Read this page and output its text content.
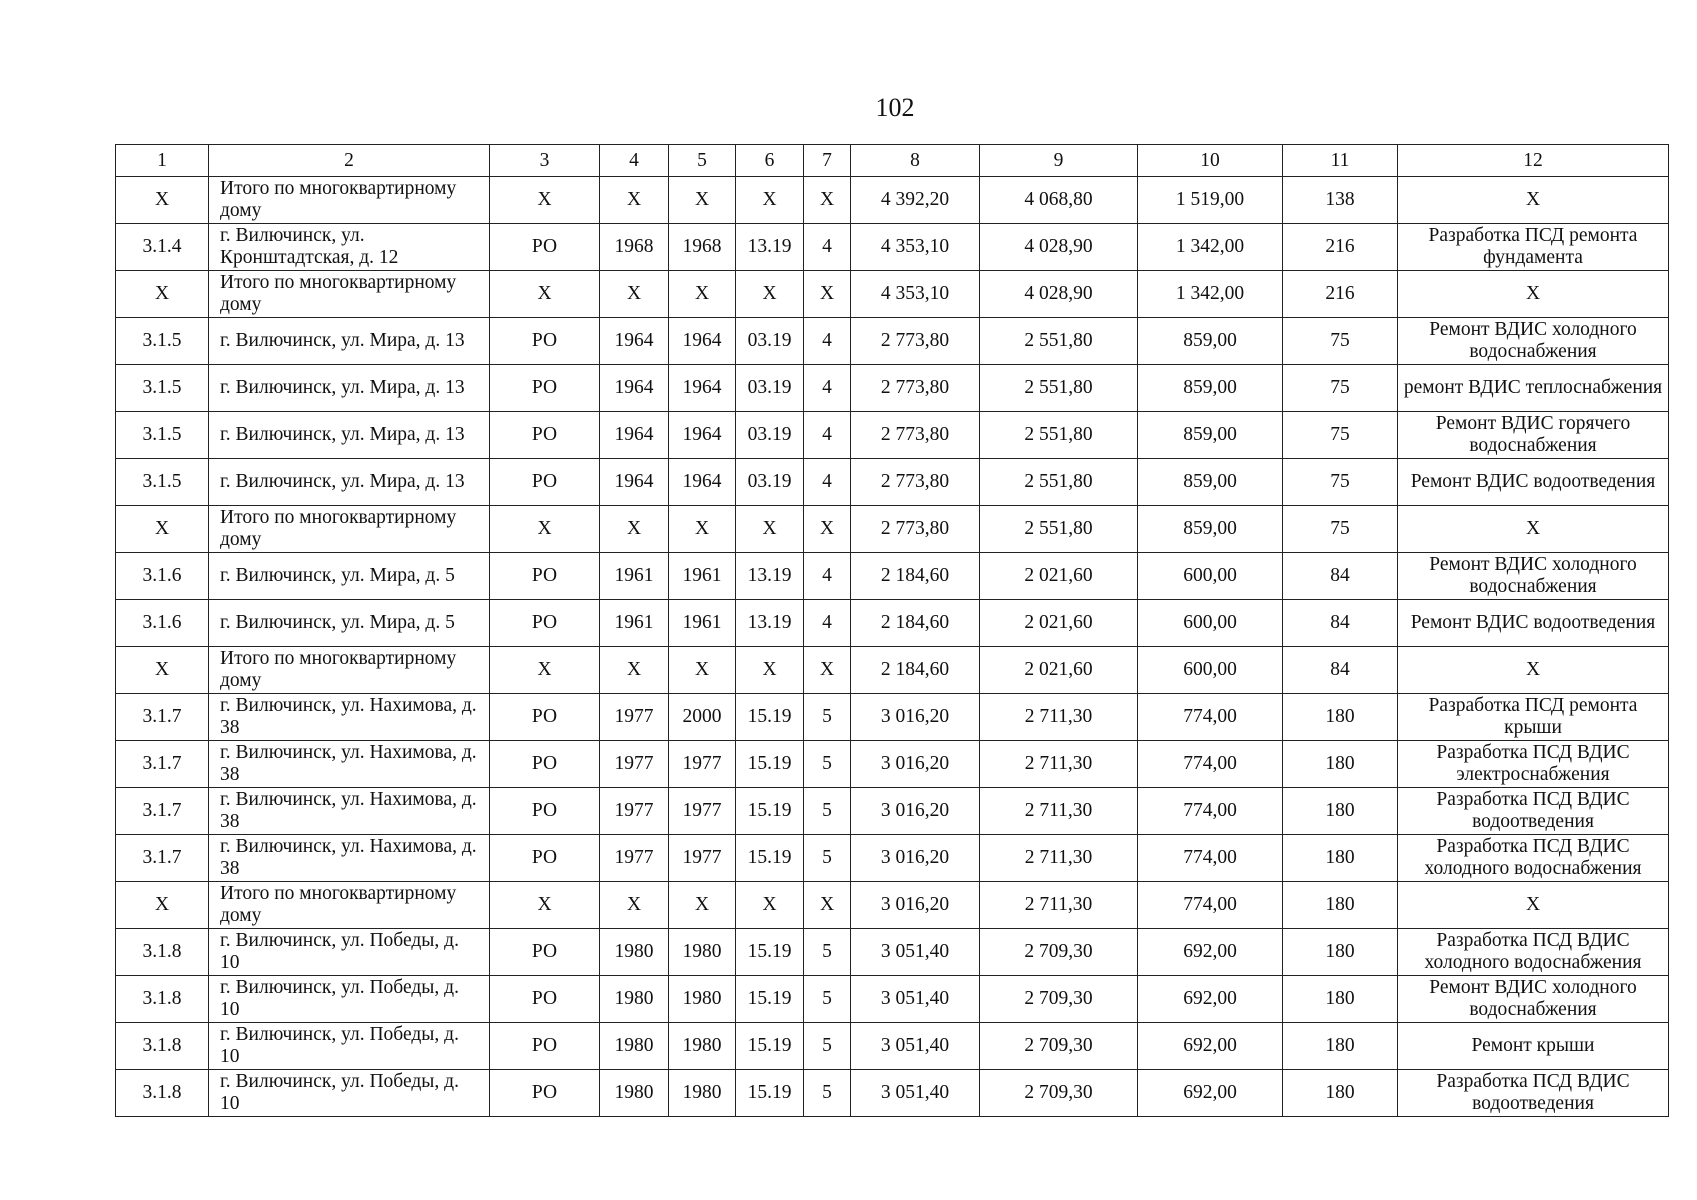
102
1	2	3	4	5	6	7	8	9	10	11	12
Х	Итого по многоквартирному дому	Х	Х	Х	Х	Х	4 392,20	4 068,80	1 519,00	138	Х
3.1.4	г. Вилючинск, ул. Кронштадтская, д. 12	РО	1968	1968	13.19	4	4 353,10	4 028,90	1 342,00	216	Разработка ПСД ремонта фундамента
Х	Итого по многоквартирному дому	Х	Х	Х	Х	Х	4 353,10	4 028,90	1 342,00	216	Х
3.1.5	г. Вилючинск, ул. Мира, д. 13	РО	1964	1964	03.19	4	2 773,80	2 551,80	859,00	75	Ремонт ВДИС холодного водоснабжения
3.1.5	г. Вилючинск, ул. Мира, д. 13	РО	1964	1964	03.19	4	2 773,80	2 551,80	859,00	75	ремонт ВДИС теплоснабжения
3.1.5	г. Вилючинск, ул. Мира, д. 13	РО	1964	1964	03.19	4	2 773,80	2 551,80	859,00	75	Ремонт ВДИС горячего водоснабжения
3.1.5	г. Вилючинск, ул. Мира, д. 13	РО	1964	1964	03.19	4	2 773,80	2 551,80	859,00	75	Ремонт ВДИС водоотведения
Х	Итого по многоквартирному дому	Х	Х	Х	Х	Х	2 773,80	2 551,80	859,00	75	Х
3.1.6	г. Вилючинск, ул. Мира, д. 5	РО	1961	1961	13.19	4	2 184,60	2 021,60	600,00	84	Ремонт ВДИС холодного водоснабжения
3.1.6	г. Вилючинск, ул. Мира, д. 5	РО	1961	1961	13.19	4	2 184,60	2 021,60	600,00	84	Ремонт ВДИС водоотведения
Х	Итого по многоквартирному дому	Х	Х	Х	Х	Х	2 184,60	2 021,60	600,00	84	Х
3.1.7	г. Вилючинск, ул. Нахимова, д. 38	РО	1977	2000	15.19	5	3 016,20	2 711,30	774,00	180	Разработка ПСД ремонта крыши
3.1.7	г. Вилючинск, ул. Нахимова, д. 38	РО	1977	1977	15.19	5	3 016,20	2 711,30	774,00	180	Разработка ПСД ВДИС электроснабжения
3.1.7	г. Вилючинск, ул. Нахимова, д. 38	РО	1977	1977	15.19	5	3 016,20	2 711,30	774,00	180	Разработка ПСД ВДИС водоотведения
3.1.7	г. Вилючинск, ул. Нахимова, д. 38	РО	1977	1977	15.19	5	3 016,20	2 711,30	774,00	180	Разработка ПСД ВДИС холодного водоснабжения
Х	Итого по многоквартирному дому	Х	Х	Х	Х	Х	3 016,20	2 711,30	774,00	180	Х
3.1.8	г. Вилючинск, ул. Победы, д. 10	РО	1980	1980	15.19	5	3 051,40	2 709,30	692,00	180	Разработка ПСД ВДИС холодного водоснабжения
3.1.8	г. Вилючинск, ул. Победы, д. 10	РО	1980	1980	15.19	5	3 051,40	2 709,30	692,00	180	Ремонт ВДИС холодного водоснабжения
3.1.8	г. Вилючинск, ул. Победы, д. 10	РО	1980	1980	15.19	5	3 051,40	2 709,30	692,00	180	Ремонт крыши
3.1.8	г. Вилючинск, ул. Победы, д. 10	РО	1980	1980	15.19	5	3 051,40	2 709,30	692,00	180	Разработка ПСД ВДИС водоотведения
